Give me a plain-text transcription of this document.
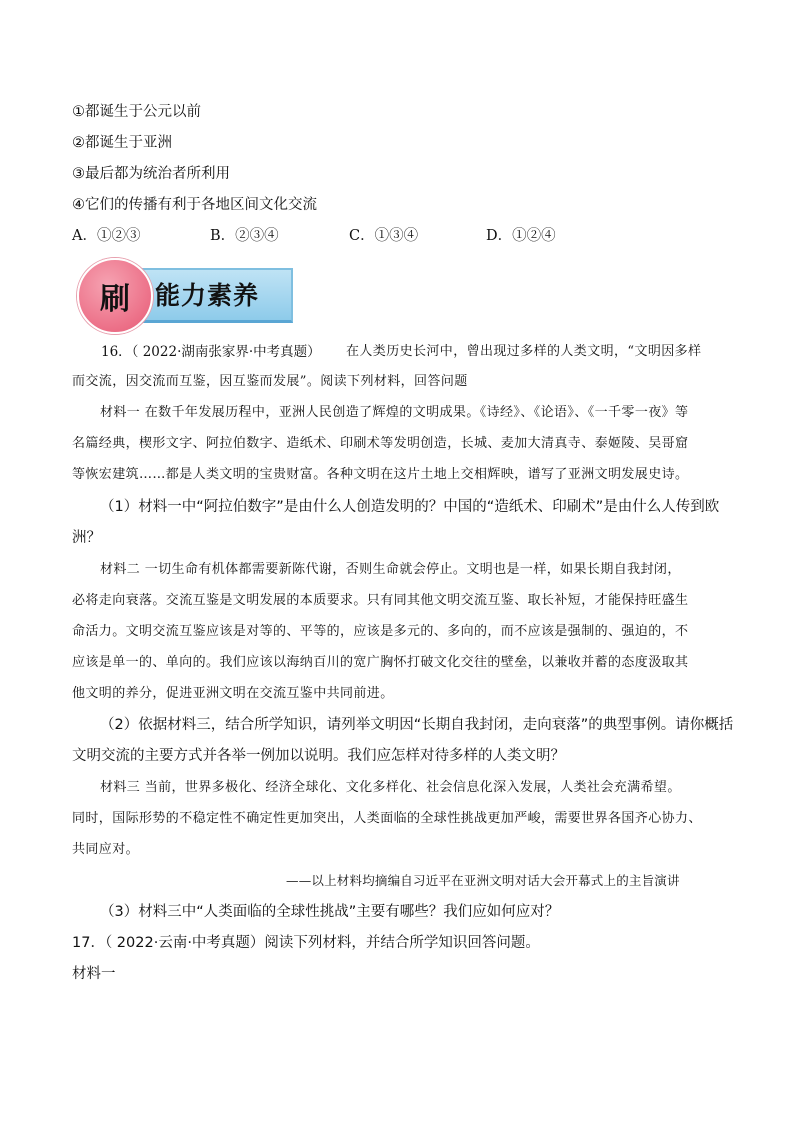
①都诞生于公元以前
②都诞生于亚洲
③最后都为统治者所利用
④它们的传播有利于各地区间文化交流
A．①②③	B．②③④	C．①③④	D．①②④
刷	能力素养
16．（ 2022·湖南张家界·中考真题） 在人类历史长河中，曾出现过多样的人类文明，“文明因多样
而交流，因交流而互鉴，因互鉴而发展”。阅读下列材料，回答问题
材料一 在数千年发展历程中，亚洲人民创造了辉煌的文明成果。《诗经》、《论语》、《一千零一夜》等
名篇经典，楔形文字、阿拉伯数字、造纸术、印刷术等发明创造，长城、麦加大清真寺、泰姬陵、吴哥窟
等恢宏建筑……都是人类文明的宝贵财富。各种文明在这片土地上交相辉映，谱写了亚洲文明发展史诗。
（1）材料一中“阿拉伯数字”是由什么人创造发明的？中国的“造纸术、印刷术”是由什么人传到欧
洲？
材料二 一切生命有机体都需要新陈代谢，否则生命就会停止。文明也是一样，如果长期自我封闭，
必将走向衰落。交流互鉴是文明发展的本质要求。只有同其他文明交流互鉴、取长补短，才能保持旺盛生
命活力。文明交流互鉴应该是对等的、平等的，应该是多元的、多向的，而不应该是强制的、强迫的，不
应该是单一的、单向的。我们应该以海纳百川的宽广胸怀打破文化交往的壁垒，以兼收并蓄的态度汲取其
他文明的养分，促进亚洲文明在交流互鉴中共同前进。
（2）依据材料三，结合所学知识，请列举文明因“长期自我封闭，走向衰落”的典型事例。请你概括
文明交流的主要方式并各举一例加以说明。我们应怎样对待多样的人类文明？
材料三 当前，世界多极化、经济全球化、文化多样化、社会信息化深入发展，人类社会充满希望。
同时，国际形势的不稳定性不确定性更加突出，人类面临的全球性挑战更加严峻，需要世界各国齐心协力、
共同应对。
——以上材料均摘编自习近平在亚洲文明对话大会开幕式上的主旨演讲
（3）材料三中“人类面临的全球性挑战”主要有哪些？我们应如何应对？
17．（ 2022·云南·中考真题）阅读下列材料，并结合所学知识回答问题。
材料一
